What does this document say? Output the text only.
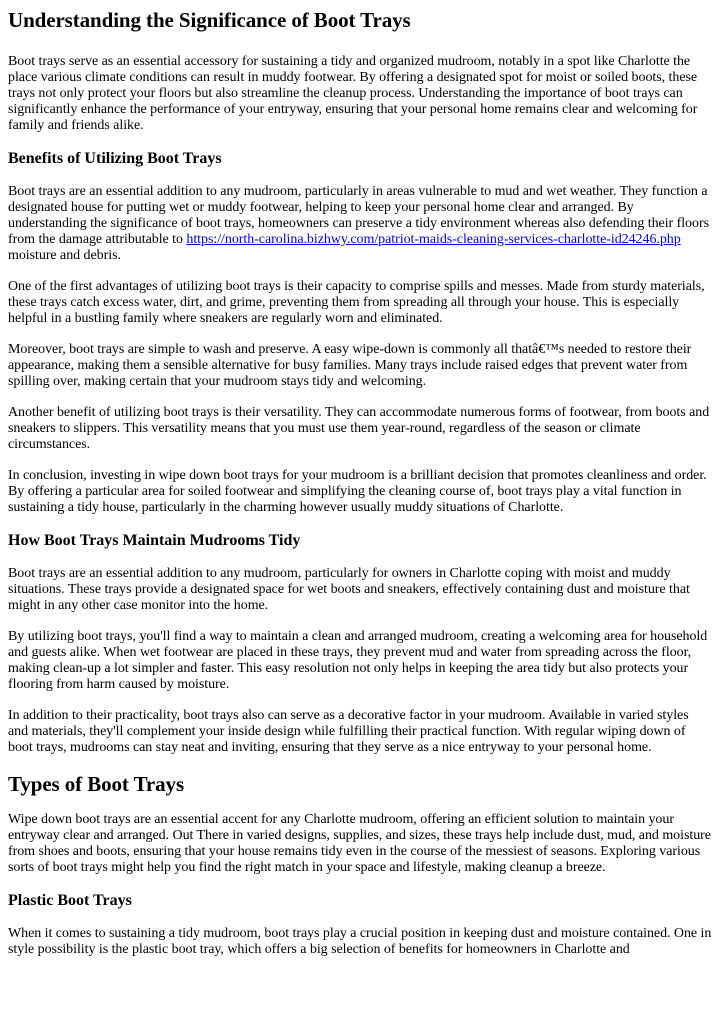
Understanding the Significance of Boot Trays

Boot trays serve as an essential accessory for sustaining a tidy and organized mudroom, notably in a spot like Charlotte the place various climate conditions can result in muddy footwear. By offering a designated spot for moist or soiled boots, these trays not only protect your floors but also streamline the cleanup process. Understanding the importance of boot trays can significantly enhance the performance of your entryway, ensuring that your personal home remains clear and welcoming for family and friends alike.

Benefits of Utilizing Boot Trays

Boot trays are an essential addition to any mudroom, particularly in areas vulnerable to mud and wet weather. They function a designated house for putting wet or muddy footwear, helping to keep your personal home clear and arranged. By understanding the significance of boot trays, homeowners can preserve a tidy environment whereas also defending their floors from the damage attributable to https://north-carolina.bizhwy.com/patriot-maids-cleaning-services-charlotte-id24246.php moisture and debris.

One of the first advantages of utilizing boot trays is their capacity to comprise spills and messes. Made from sturdy materials, these trays catch excess water, dirt, and grime, preventing them from spreading all through your house. This is especially helpful in a bustling family where sneakers are regularly worn and eliminated.

Moreover, boot trays are simple to wash and preserve. A easy wipe-down is commonly all thatâ€™s needed to restore their appearance, making them a sensible alternative for busy families. Many trays include raised edges that prevent water from spilling over, making certain that your mudroom stays tidy and welcoming.

Another benefit of utilizing boot trays is their versatility. They can accommodate numerous forms of footwear, from boots and sneakers to slippers. This versatility means that you must use them year-round, regardless of the season or climate circumstances.

In conclusion, investing in wipe down boot trays for your mudroom is a brilliant decision that promotes cleanliness and order. By offering a particular area for soiled footwear and simplifying the cleaning course of, boot trays play a vital function in sustaining a tidy house, particularly in the charming however usually muddy situations of Charlotte.

How Boot Trays Maintain Mudrooms Tidy

Boot trays are an essential addition to any mudroom, particularly for owners in Charlotte coping with moist and muddy situations. These trays provide a designated space for wet boots and sneakers, effectively containing dust and moisture that might in any other case monitor into the home.

By utilizing boot trays, you'll find a way to maintain a clean and arranged mudroom, creating a welcoming area for household and guests alike. When wet footwear are placed in these trays, they prevent mud and water from spreading across the floor, making clean-up a lot simpler and faster. This easy resolution not only helps in keeping the area tidy but also protects your flooring from harm caused by moisture.

In addition to their practicality, boot trays also can serve as a decorative factor in your mudroom. Available in varied styles and materials, they'll complement your inside design while fulfilling their practical function. With regular wiping down of boot trays, mudrooms can stay neat and inviting, ensuring that they serve as a nice entryway to your personal home.

Types of Boot Trays

Wipe down boot trays are an essential accent for any Charlotte mudroom, offering an efficient solution to maintain your entryway clear and arranged. Out There in varied designs, supplies, and sizes, these trays help include dust, mud, and moisture from shoes and boots, ensuring that your house remains tidy even in the course of the messiest of seasons. Exploring various sorts of boot trays might help you find the right match in your space and lifestyle, making cleanup a breeze.

Plastic Boot Trays

When it comes to sustaining a tidy mudroom, boot trays play a crucial position in keeping dust and moisture contained. One in style possibility is the plastic boot tray, which offers a big selection of benefits for homeowners in Charlotte and
